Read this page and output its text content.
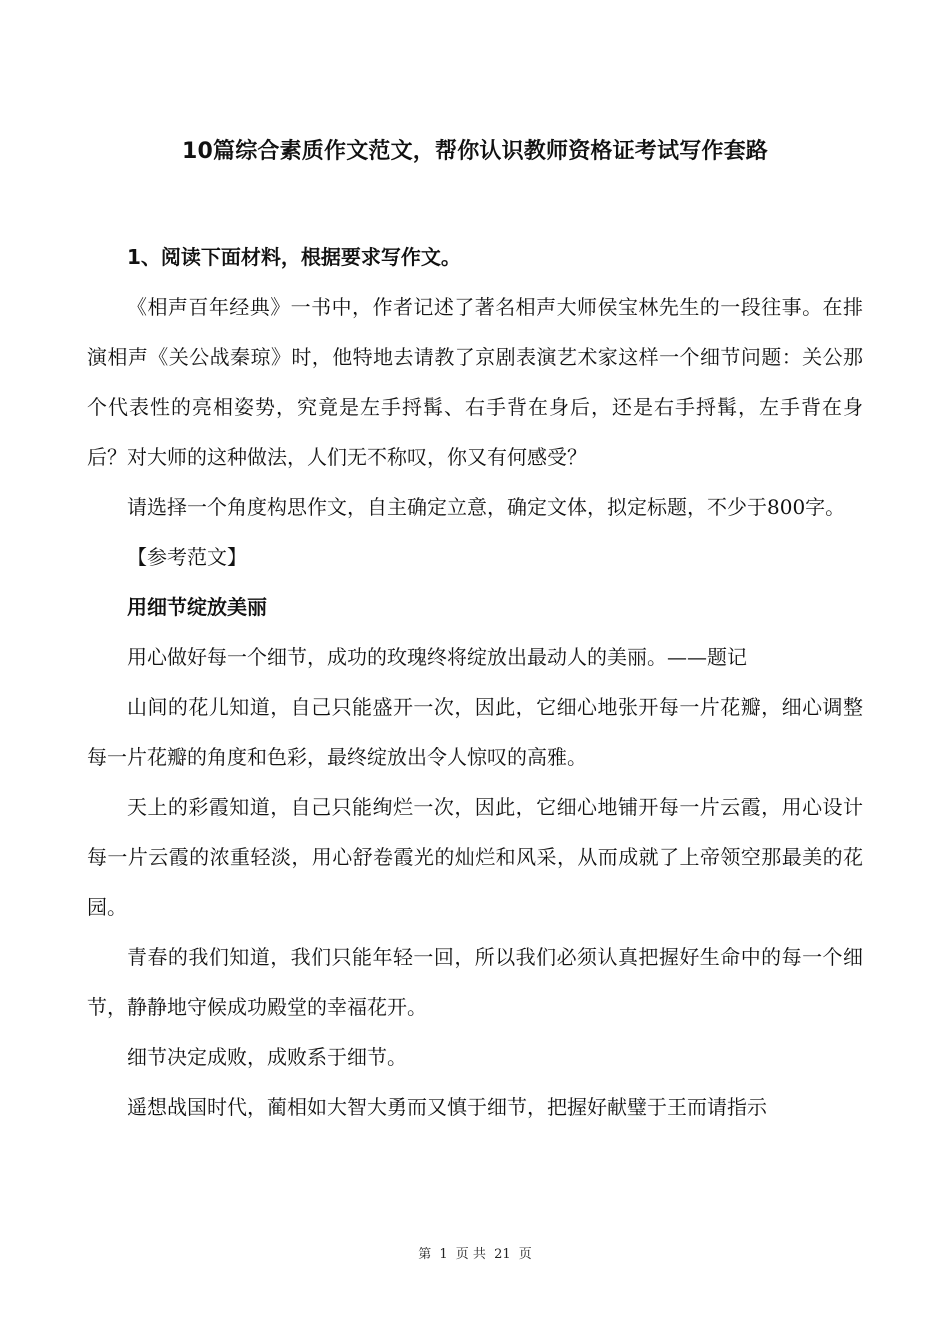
10篇综合素质作文范文，帮你认识教师资格证考试写作套路

1、阅读下面材料，根据要求写作文。

《相声百年经典》一书中，作者记述了著名相声大师侯宝林先生的一段往事。在排演相声《关公战秦琼》时，他特地去请教了京剧表演艺术家这样一个细节问题：关公那个代表性的亮相姿势，究竟是左手捋髯、右手背在身后，还是右手捋髯，左手背在身后？对大师的这种做法，人们无不称叹，你又有何感受？

请选择一个角度构思作文，自主确定立意，确定文体，拟定标题，不少于800字。

【参考范文】

用细节绽放美丽

用心做好每一个细节，成功的玫瑰终将绽放出最动人的美丽。——题记

山间的花儿知道，自己只能盛开一次，因此，它细心地张开每一片花瓣，细心调整每一片花瓣的角度和色彩，最终绽放出令人惊叹的高雅。

天上的彩霞知道，自己只能绚烂一次，因此，它细心地铺开每一片云霞，用心设计每一片云霞的浓重轻淡，用心舒卷霞光的灿烂和风采，从而成就了上帝领空那最美的花园。

青春的我们知道，我们只能年轻一回，所以我们必须认真把握好生命中的每一个细节，静静地守候成功殿堂的幸福花开。

细节决定成败，成败系于细节。

遥想战国时代，蔺相如大智大勇而又慎于细节，把握好献璧于王而请指示

第 1 页 共 21 页
